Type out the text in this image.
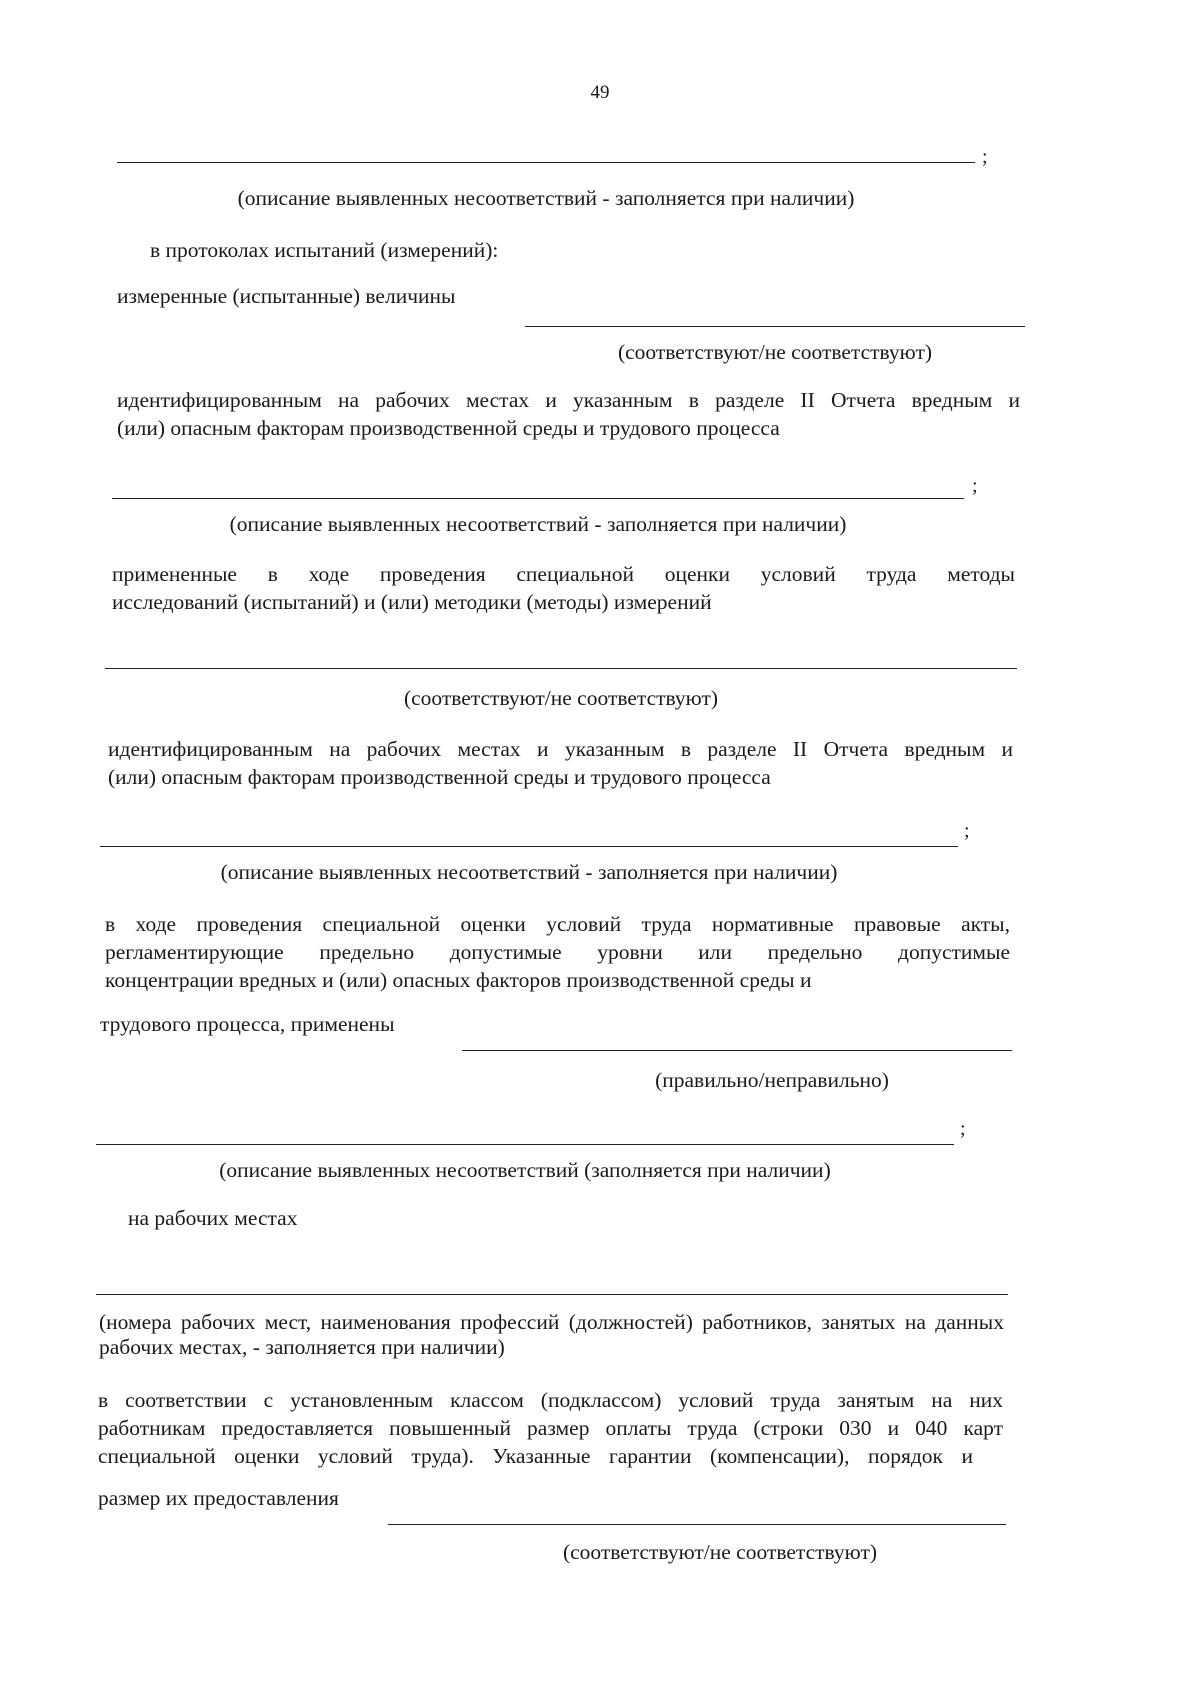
49
;
(описание выявленных несоответствий - заполняется при наличии)
в протоколах испытаний (измерений):
измеренные (испытанные) величины
(соответствуют/не соответствуют)
идентифицированным на рабочих местах и указанным в разделе II Отчета вредным и
(или) опасным факторам производственной среды и трудового процесса
;
(описание выявленных несоответствий - заполняется при наличии)
примененные в ходе проведения специальной оценки условий труда методы
исследований (испытаний) и (или) методики (методы) измерений
(соответствуют/не соответствуют)
идентифицированным на рабочих местах и указанным в разделе II Отчета вредным и
(или) опасным факторам производственной среды и трудового процесса
;
(описание выявленных несоответствий - заполняется при наличии)
в ходе проведения специальной оценки условий труда нормативные правовые акты,
регламентирующие предельно допустимые уровни или предельно допустимые
концентрации вредных и (или) опасных факторов производственной среды и
трудового процесса, применены
(правильно/неправильно)
;
(описание выявленных несоответствий (заполняется при наличии)
на рабочих местах
(номера рабочих мест, наименования профессий (должностей) работников, занятых на данных рабочих местах, - заполняется при наличии)
в соответствии с установленным классом (подклассом) условий труда занятым на них
работникам предоставляется повышенный размер оплаты труда (строки 030 и 040 карт
специальной оценки условий труда). Указанные гарантии (компенсации), порядок и
размер их предоставления
(соответствуют/не соответствуют)
